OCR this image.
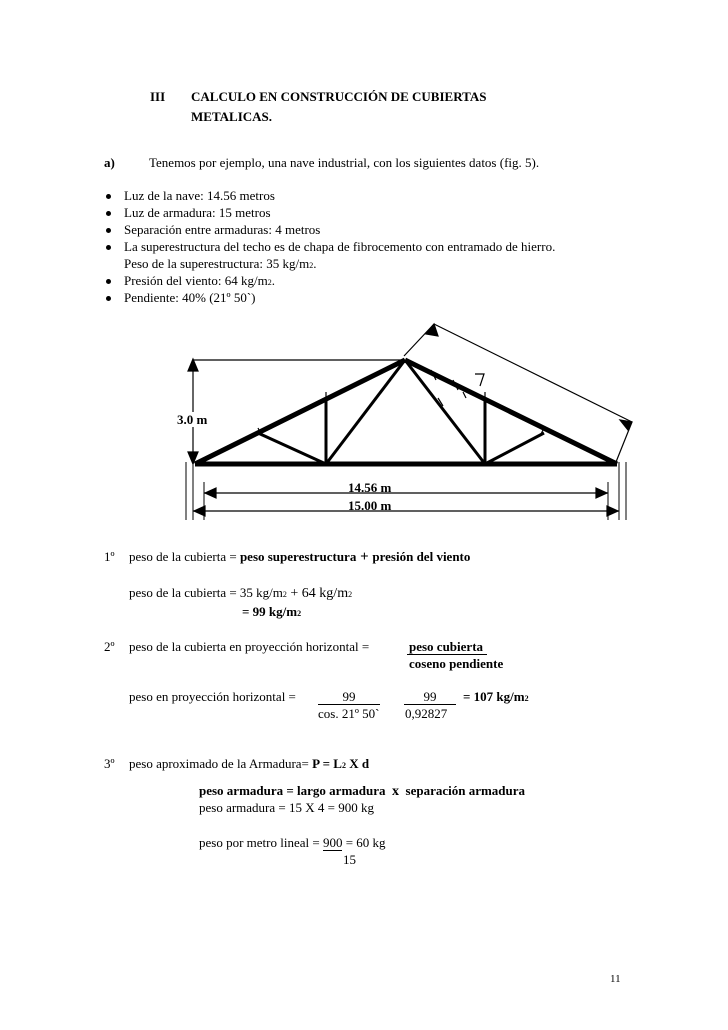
III CALCULO EN CONSTRUCCIÓN DE CUBIERTAS
METALICAS.
a)	Tenemos por ejemplo, una nave industrial, con los siguientes datos (fig. 5).
Luz de la nave: 14.56 metros
Luz de armadura: 15 metros
Separación entre armaduras: 4 metros
La superestructura del techo es de chapa de fibrocemento con entramado de hierro.
Peso de la superestructura: 35 kg/m2.
Presión del viento: 64 kg/m2.
Pendiente: 40% (21º 50`)
3.0 m
14.56 m
15.00 m
1º peso de la cubierta = peso superestructura + presión del viento
peso de la cubierta = 35 kg/m2 + 64 kg/m2
= 99 kg/m2
2º peso de la cubierta en proyección horizontal =	peso cubierta
coseno pendiente
peso en proyección horizontal =	99
cos. 21º 50`
99
0,92827
= 107 kg/m2
3º peso aproximado de la Armadura= P = L2 X d
peso armadura = largo armadura x separación armadura
peso armadura = 15 X 4 = 900 kg
peso por metro lineal = 900 = 60 kg
15
11
